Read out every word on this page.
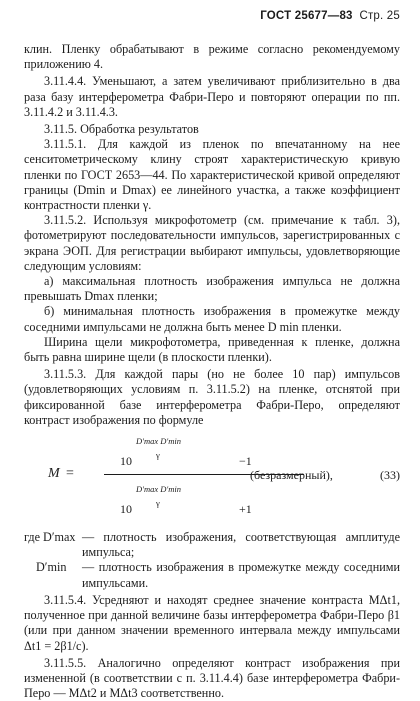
ГОСТ 25677—83 Стр. 25
клин. Пленку обрабатывают в режиме согласно рекомендуемому приложению 4.
3.11.4.4. Уменьшают, а затем увеличивают приблизительно в два раза базу интерферометра Фабри-Перо и повторяют операции по пп. 3.11.4.2 и 3.11.4.3.
3.11.5. Обработка результатов
3.11.5.1. Для каждой из пленок по впечатанному на нее сенситометрическому клину строят характеристическую кривую пленки по ГОСТ 2653—44. По характеристической кривой определяют границы (Dmin и Dmax) ее линейного участка, а также коэффициент контрастности пленки γ.
3.11.5.2. Используя микрофотометр (см. примечание к табл. 3), фотометрируют последовательности импульсов, зарегистрированных с экрана ЭОП. Для регистрации выбирают импульсы, удовлетворяющие следующим условиям:
а) максимальная плотность изображения импульса не должна превышать Dmax пленки;
б) минимальная плотность изображения в промежутке между соседними импульсами не должна быть менее D min пленки.
Ширина щели микрофотометра, приведенная к пленке, должна быть равна ширине щели (в плоскости пленки).
3.11.5.3. Для каждой пары (но не более 10 пар) импульсов (удовлетворяющих условиям п. 3.11.5.2) на пленке, отснятой при фиксированной базе интерферометра Фабри-Перо, определяют контраст изображения по формуле
M =
D′max D′min
γ
10	−1
D′max D′min
γ
10	+1
(безразмерный),	(33)
где D′max — плотность изображения, соответствующая амплитуде импульса;
D′min	— плотность изображения в промежутке между соседними импульсами.
3.11.5.4. Усредняют и находят среднее значение контраста MΔt1, полученное при данной величине базы интерферометра Фабри-Перо β1 (или при данном значении временного интервала между импульсами Δt1 = 2β1/c).
3.11.5.5. Аналогично определяют контраст изображения при измененной (в соответствии с п. 3.11.4.4) базе интерферометра Фабри-Перо — MΔt2 и MΔt3 соответственно.
